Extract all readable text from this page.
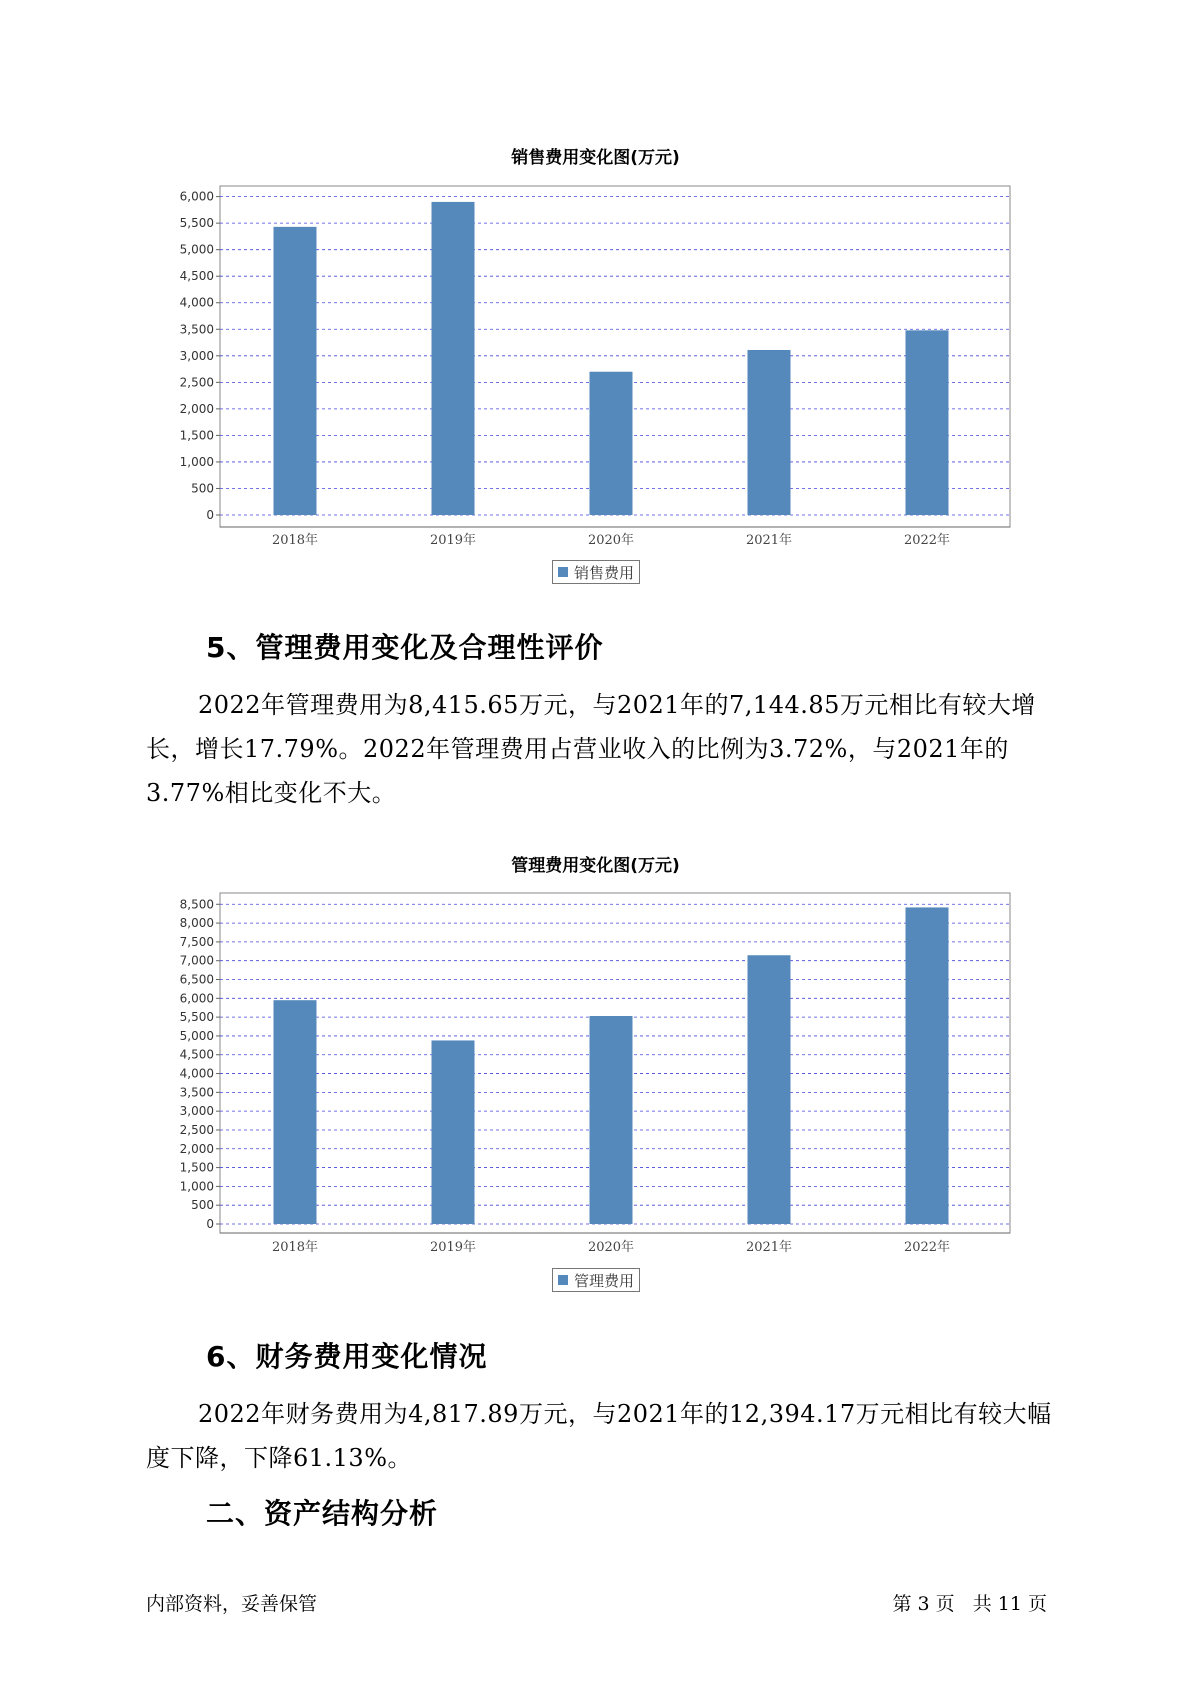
销售费用变化图(万元)
0
500
1,000
1,500
2,000
2,500
3,000
3,500
4,000
4,500
5,000
5,500
6,000
2018年	2019年	2020年	2021年	2022年
销售费用
5、管理费用变化及合理性评价
2022年管理费用为8,415.65万元，与2021年的7,144.85万元相比有较大增长，增长17.79%。2022年管理费用占营业收入的比例为3.72%，与2021年的3.77%相比变化不大。
管理费用变化图(万元)
0
500
1,000
1,500
2,000
2,500
3,000
3,500
4,000
4,500
5,000
5,500
6,000
6,500
7,000
7,500
8,000
8,500
2018年	2019年	2020年	2021年	2022年
管理费用
6、财务费用变化情况
2022年财务费用为4,817.89万元，与2021年的12,394.17万元相比有较大幅度下降，下降61.13%。
二、资产结构分析
内部资料，妥善保管	第 3 页   共 11 页
